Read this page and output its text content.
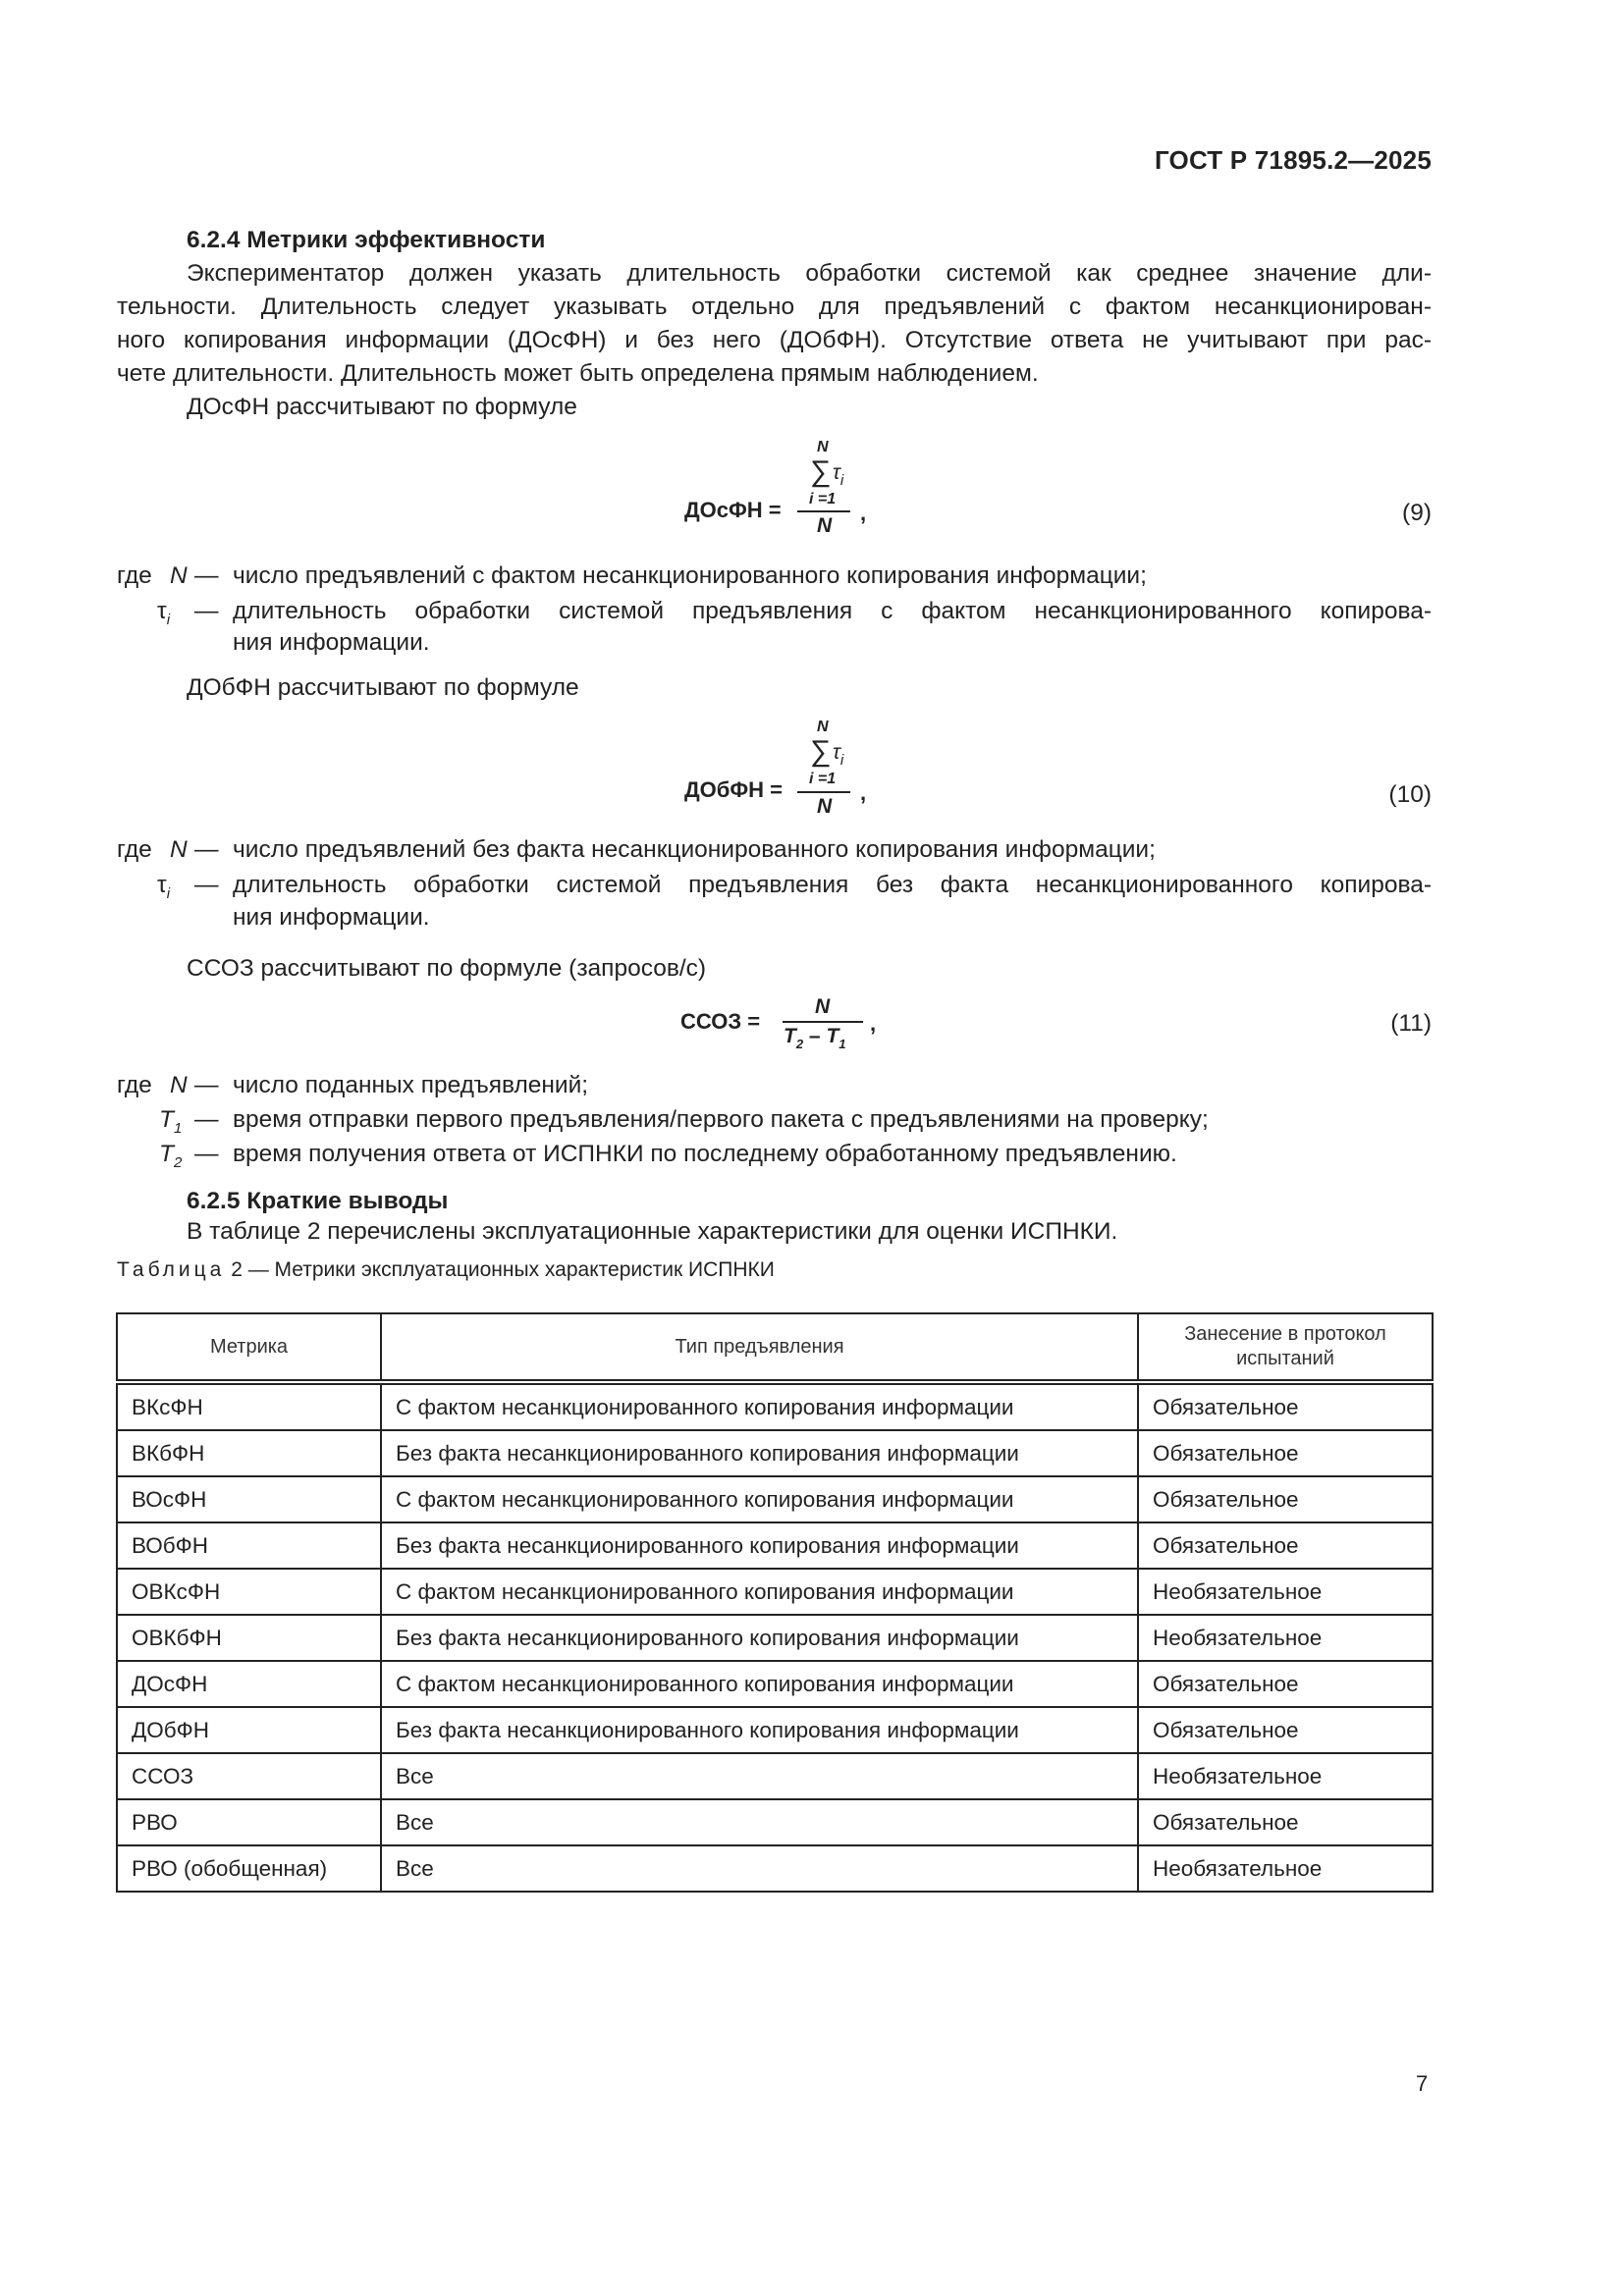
ГОСТ Р 71895.2—2025
6.2.4 Метрики эффективности
Экспериментатор должен указать длительность обработки системой как среднее значение дли-
тельности. Длительность следует указывать отдельно для предъявлений с фактом несанкционирован-
ного копирования информации (ДОсФН) и без него (ДОбФН). Отсутствие ответа не учитывают при рас-
чете длительности. Длительность может быть определена прямым наблюдением.
ДОсФН рассчитывают по формуле
ДОсФН =
N
∑ $\tau_i$
i =1
N
,	(9)
где N — число предъявлений с фактом несанкционированного копирования информации;
$\tau_i$ — длительность обработки системой предъявления с фактом несанкционированного копирова-
ния информации.
ДОбФН рассчитывают по формуле
ДОбФН =
N
∑ $\tau_i$
i =1
N
,	(10)
где N — число предъявлений без факта несанкционированного копирования информации;
$\tau_i$ — длительность обработки системой предъявления без факта несанкционированного копирова-
ния информации.
ССОЗ рассчитывают по формуле (запросов/с)
ССОЗ =
N
$T_2 - T_1$
,	(11)
где N — число поданных предъявлений;
$T_1$ — время отправки первого предъявления/первого пакета с предъявлениями на проверку;
$T_2$ — время получения ответа от ИСПНКИ по последнему обработанному предъявлению.
6.2.5 Краткие выводы
В таблице 2 перечислены эксплуатационные характеристики для оценки ИСПНКИ.
Таблица 2 — Метрики эксплуатационных характеристик ИСПНКИ
Метрика	Тип предъявления	Занесение в протокол испытаний
ВКсФН	С фактом несанкционированного копирования информации	Обязательное
ВКбФН	Без факта несанкционированного копирования информации	Обязательное
ВОсФН	С фактом несанкционированного копирования информации	Обязательное
ВОбФН	Без факта несанкционированного копирования информации	Обязательное
ОВКсФН	С фактом несанкционированного копирования информации	Необязательное
ОВКбФН	Без факта несанкционированного копирования информации	Необязательное
ДОсФН	С фактом несанкционированного копирования информации	Обязательное
ДОбФН	Без факта несанкционированного копирования информации	Обязательное
ССОЗ	Все	Необязательное
РВО	Все	Обязательное
РВО (обобщенная)	Все	Необязательное
7
